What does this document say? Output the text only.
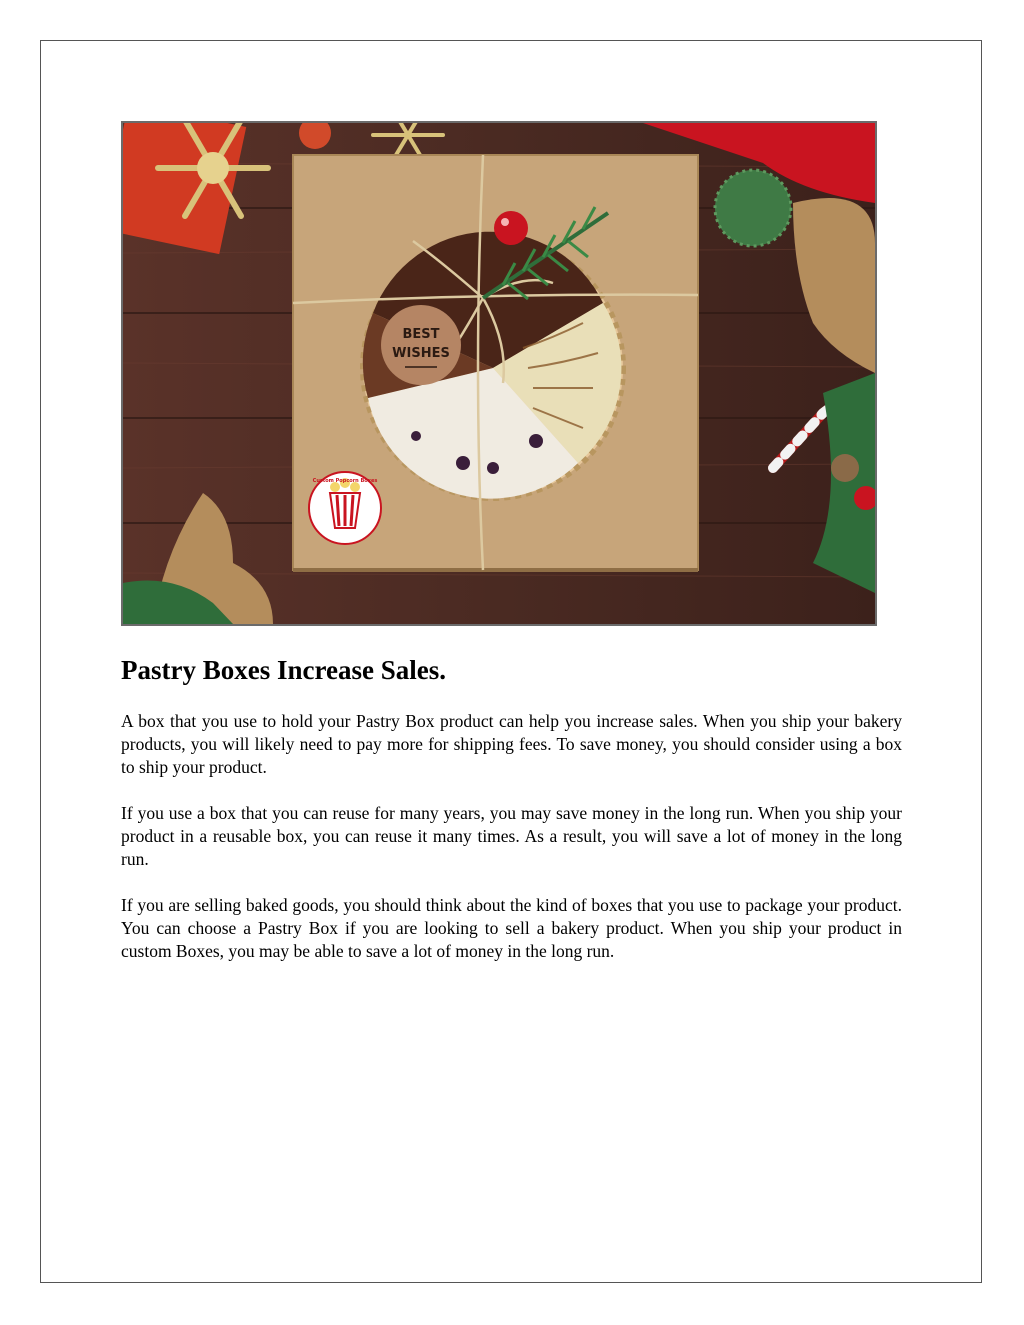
BEST
WISHES
Custom Popcorn Boxes
Pastry Boxes Increase Sales.

A box that you use to hold your Pastry Box product can help you increase sales. When you ship your bakery products, you will likely need to pay more for shipping fees. To save money, you should consider using a box to ship your product.

If you use a box that you can reuse for many years, you may save money in the long run. When you ship your product in a reusable box, you can reuse it many times. As a result, you will save a lot of money in the long run.

If you are selling baked goods, you should think about the kind of boxes that you use to package your product. You can choose a Pastry Box if you are looking to sell a bakery product. When you ship your product in custom Boxes, you may be able to save a lot of money in the long run.
